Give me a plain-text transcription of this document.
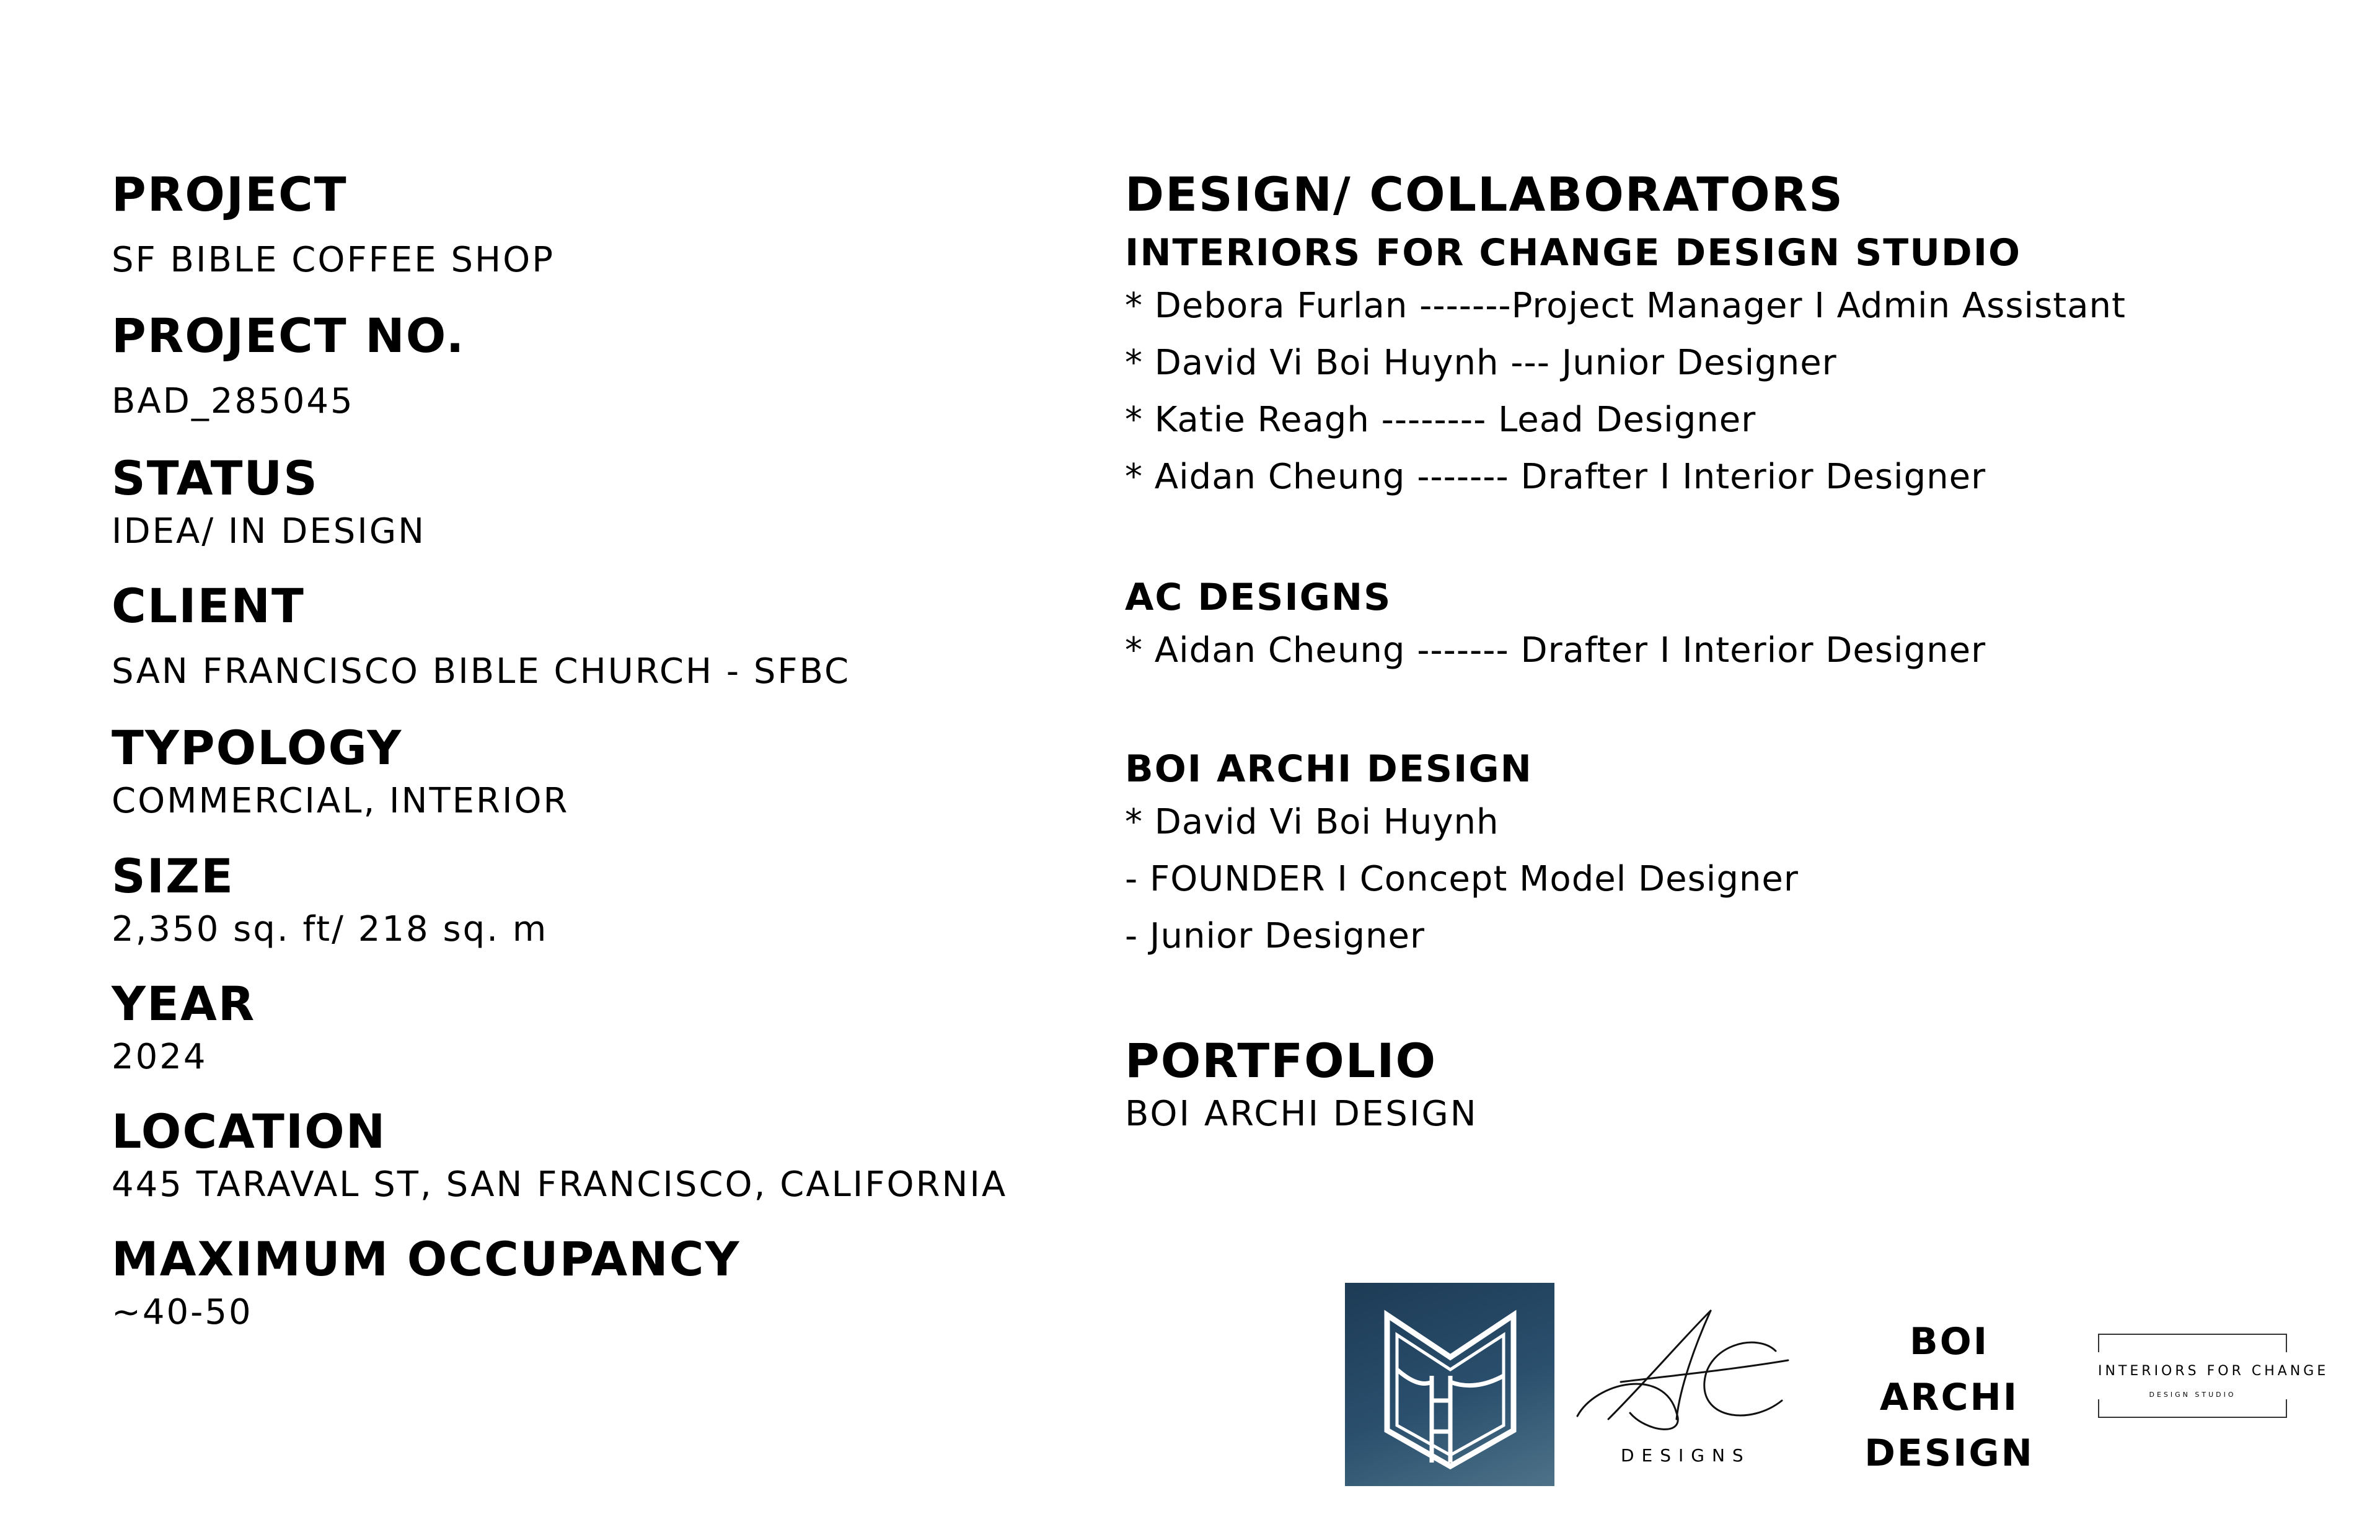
PROJECT
SF BIBLE COFFEE SHOP
PROJECT NO.
BAD_285045
STATUS
IDEA/ IN DESIGN
CLIENT
SAN FRANCISCO BIBLE CHURCH - SFBC
TYPOLOGY
COMMERCIAL, INTERIOR
SIZE
2,350 sq. ft/ 218 sq. m
YEAR
2024
LOCATION
445 TARAVAL ST, SAN FRANCISCO, CALIFORNIA
MAXIMUM OCCUPANCY
~40-50
DESIGN/ COLLABORATORS
INTERIORS FOR CHANGE DESIGN STUDIO
* Debora Furlan -------Project Manager I Admin Assistant
* David Vi Boi Huynh --- Junior Designer
* Katie Reagh -------- Lead Designer
* Aidan Cheung ------- Drafter I Interior Designer
AC DESIGNS
* Aidan Cheung ------- Drafter I Interior Designer
BOI ARCHI DESIGN
* David Vi Boi Huynh
- FOUNDER I Concept Model Designer
- Junior Designer
PORTFOLIO
BOI ARCHI DESIGN
DESIGNS
BOI ARCHI
DESIGN
INTERIORS FOR CHANGE
DESIGN STUDIO
